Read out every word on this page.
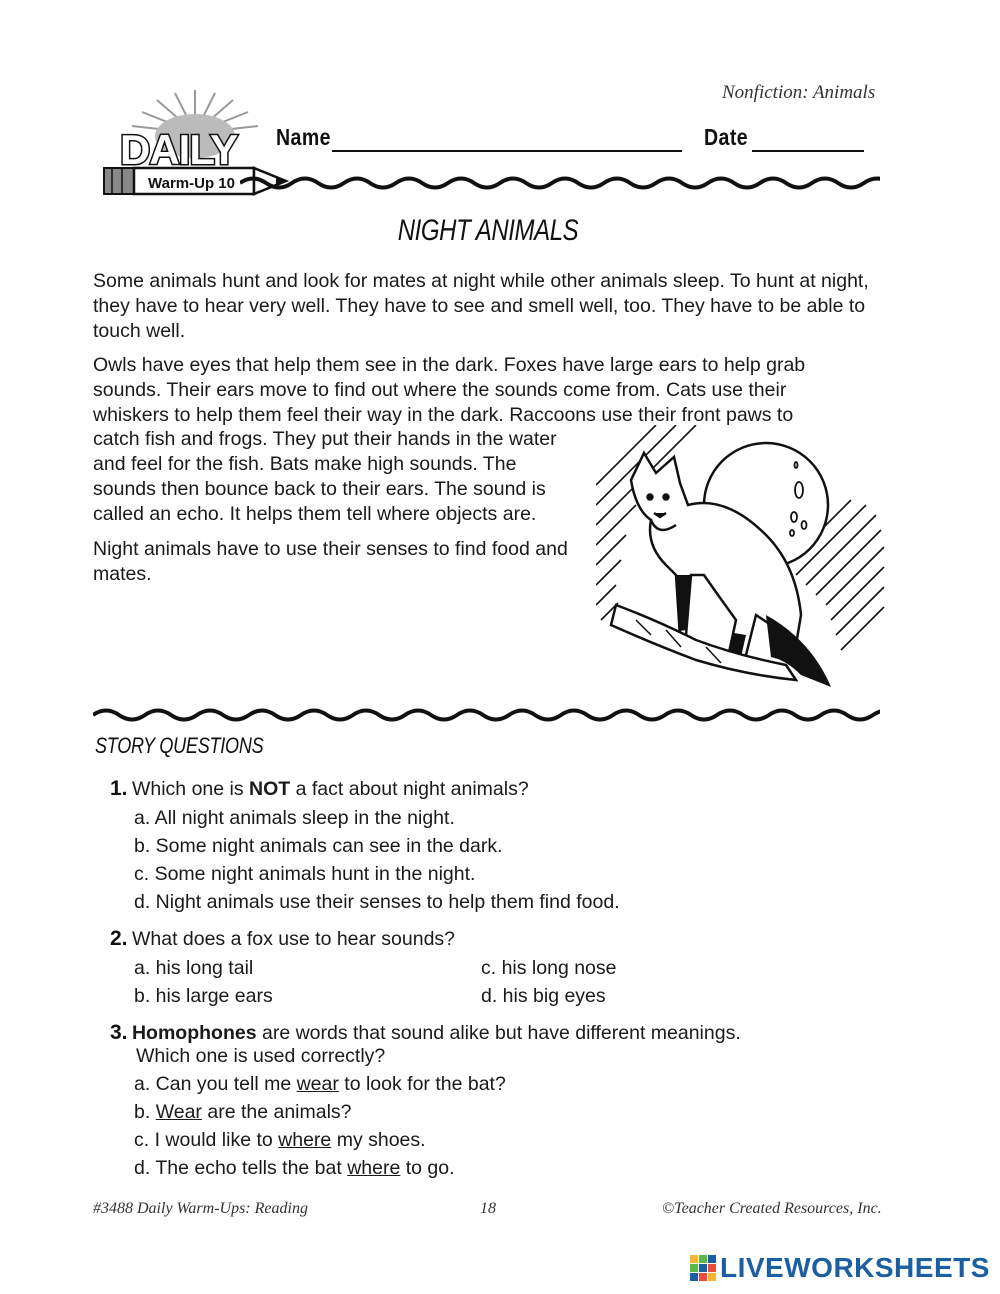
Nonfiction: Animals
DAILY
Warm-Up 10
Name	Date
NIGHT ANIMALS
Some animals hunt and look for mates at night while other animals sleep. To hunt at night, they have to hear very well. They have to see and smell well, too. They have to be able to touch well.
Owls have eyes that help them see in the dark. Foxes have large ears to help grab
sounds. Their ears move to find out where the sounds come from. Cats use their
whiskers to help them feel their way in the dark. Raccoons use their front paws to
catch fish and frogs. They put their hands in the water
and feel for the fish. Bats make high sounds. The
sounds then bounce back to their ears. The sound is
called an echo. It helps them tell where objects are.
Night animals have to use their senses to find food and
mates.
STORY QUESTIONS
1. Which one is NOT a fact about night animals?
a. All night animals sleep in the night.
b. Some night animals can see in the dark.
c. Some night animals hunt in the night.
d. Night animals use their senses to help them find food.
2. What does a fox use to hear sounds?
a. his long tail
b. his large ears
c. his long nose
d. his big eyes
3. Homophones are words that sound alike but have different meanings.
Which one is used correctly?
a. Can you tell me wear to look for the bat?
b. Wear are the animals?
c. I would like to where my shoes.
d. The echo tells the bat where to go.
#3488 Daily Warm-Ups: Reading	18	©Teacher Created Resources, Inc.
LIVEWORKSHEETS
